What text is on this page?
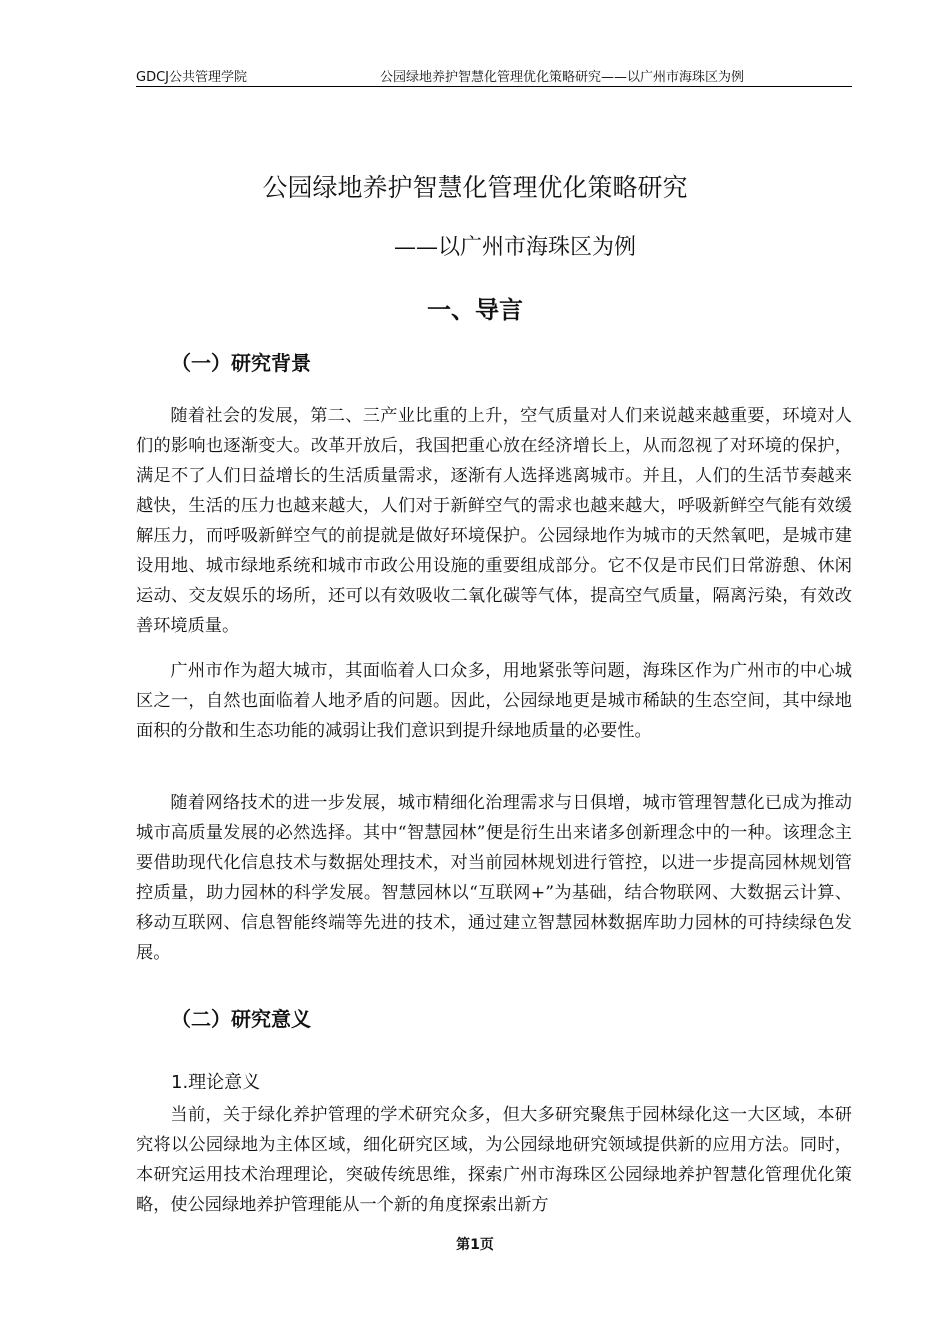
GDCJ公共管理学院	公园绿地养护智慧化管理优化策略研究——以广州市海珠区为例
公园绿地养护智慧化管理优化策略研究
——以广州市海珠区为例
一、导言
（一）研究背景

随着社会的发展，第二、三产业比重的上升，空气质量对人们来说越来越重要，环境对人们的影响也逐渐变大。改革开放后，我国把重心放在经济增长上，从而忽视了对环境的保护，满足不了人们日益增长的生活质量需求，逐渐有人选择逃离城市。并且，人们的生活节奏越来越快，生活的压力也越来越大，人们对于新鲜空气的需求也越来越大，呼吸新鲜空气能有效缓解压力，而呼吸新鲜空气的前提就是做好环境保护。公园绿地作为城市的天然氧吧，是城市建设用地、城市绿地系统和城市市政公用设施的重要组成部分。它不仅是市民们日常游憩、休闲运动、交友娱乐的场所，还可以有效吸收二氧化碳等气体，提高空气质量，隔离污染，有效改善环境质量。

广州市作为超大城市，其面临着人口众多，用地紧张等问题，海珠区作为广州市的中心城区之一，自然也面临着人地矛盾的问题。因此，公园绿地更是城市稀缺的生态空间，其中绿地面积的分散和生态功能的减弱让我们意识到提升绿地质量的必要性。

随着网络技术的进一步发展，城市精细化治理需求与日俱增，城市管理智慧化已成为推动城市高质量发展的必然选择。其中“智慧园林”便是衍生出来诸多创新理念中的一种。该理念主要借助现代化信息技术与数据处理技术，对当前园林规划进行管控，以进一步提高园林规划管控质量，助力园林的科学发展。智慧园林以“互联网+”为基础，结合物联网、大数据云计算、移动互联网、信息智能终端等先进的技术，通过建立智慧园林数据库助力园林的可持续绿色发展。

（二）研究意义
1.理论意义

当前，关于绿化养护管理的学术研究众多，但大多研究聚焦于园林绿化这一大区域，本研究将以公园绿地为主体区域，细化研究区域，为公园绿地研究领域提供新的应用方法。同时，本研究运用技术治理理论，突破传统思维，探索广州市海珠区公园绿地养护智慧化管理优化策略，使公园绿地养护管理能从一个新的角度探索出新方

第1页
